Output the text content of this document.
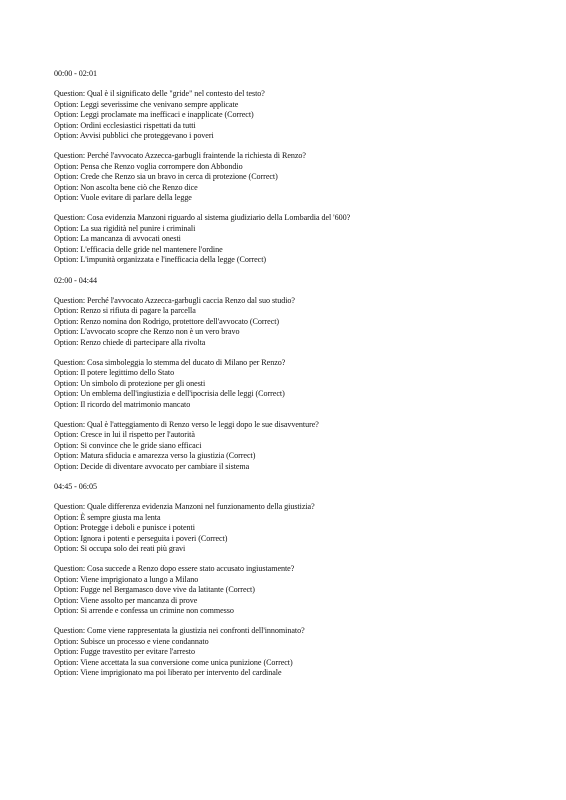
00:00 - 02:01
Question: Qual è il significato delle "gride" nel contesto del testo?
Option: Leggi severissime che venivano sempre applicate
Option: Leggi proclamate ma inefficaci e inapplicate (Correct)
Option: Ordini ecclesiastici rispettati da tutti
Option: Avvisi pubblici che proteggevano i poveri
Question: Perché l'avvocato Azzecca-garbugli fraintende la richiesta di Renzo?
Option: Pensa che Renzo voglia corrompere don Abbondio
Option: Crede che Renzo sia un bravo in cerca di protezione (Correct)
Option: Non ascolta bene ciò che Renzo dice
Option: Vuole evitare di parlare della legge
Question: Cosa evidenzia Manzoni riguardo al sistema giudiziario della Lombardia del '600?
Option: La sua rigidità nel punire i criminali
Option: La mancanza di avvocati onesti
Option: L'efficacia delle gride nel mantenere l'ordine
Option: L'impunità organizzata e l'inefficacia della legge (Correct)
02:00 - 04:44
Question: Perché l'avvocato Azzecca-garbugli caccia Renzo dal suo studio?
Option: Renzo si rifiuta di pagare la parcella
Option: Renzo nomina don Rodrigo, protettore dell'avvocato (Correct)
Option: L'avvocato scopre che Renzo non è un vero bravo
Option: Renzo chiede di partecipare alla rivolta
Question: Cosa simboleggia lo stemma del ducato di Milano per Renzo?
Option: Il potere legittimo dello Stato
Option: Un simbolo di protezione per gli onesti
Option: Un emblema dell'ingiustizia e dell'ipocrisia delle leggi (Correct)
Option: Il ricordo del matrimonio mancato
Question: Qual è l'atteggiamento di Renzo verso le leggi dopo le sue disavventure?
Option: Cresce in lui il rispetto per l'autorità
Option: Si convince che le gride siano efficaci
Option: Matura sfiducia e amarezza verso la giustizia (Correct)
Option: Decide di diventare avvocato per cambiare il sistema
04:45 - 06:05
Question: Quale differenza evidenzia Manzoni nel funzionamento della giustizia?
Option: È sempre giusta ma lenta
Option: Protegge i deboli e punisce i potenti
Option: Ignora i potenti e perseguita i poveri (Correct)
Option: Si occupa solo dei reati più gravi
Question: Cosa succede a Renzo dopo essere stato accusato ingiustamente?
Option: Viene imprigionato a lungo a Milano
Option: Fugge nel Bergamasco dove vive da latitante (Correct)
Option: Viene assolto per mancanza di prove
Option: Si arrende e confessa un crimine non commesso
Question: Come viene rappresentata la giustizia nei confronti dell'innominato?
Option: Subisce un processo e viene condannato
Option: Fugge travestito per evitare l'arresto
Option: Viene accettata la sua conversione come unica punizione (Correct)
Option: Viene imprigionato ma poi liberato per intervento del cardinale
